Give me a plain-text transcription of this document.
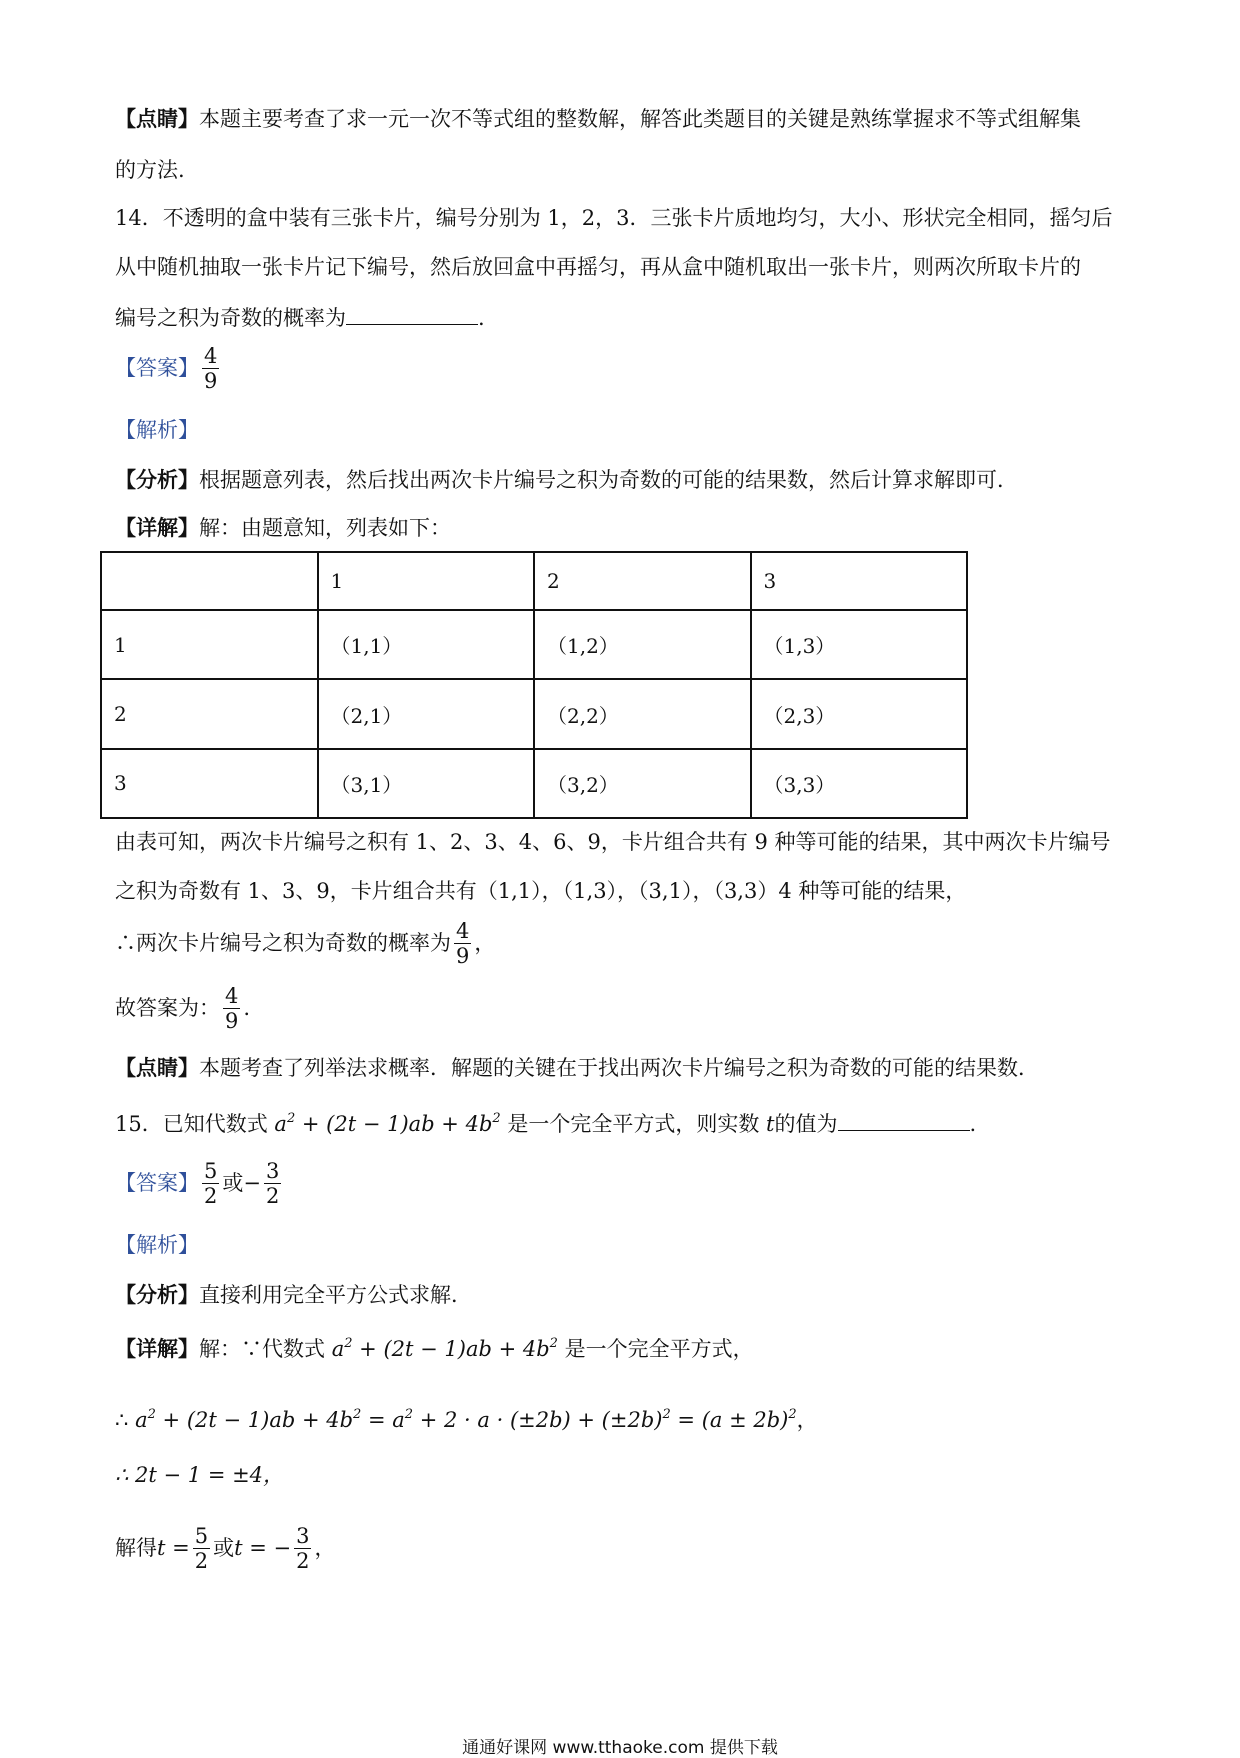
【点睛】本题主要考查了求一元一次不等式组的整数解，解答此类题目的关键是熟练掌握求不等式组解集
的方法.
14．不透明的盒中装有三张卡片，编号分别为 1，2，3．三张卡片质地均匀，大小、形状完全相同，摇匀后
从中随机抽取一张卡片记下编号，然后放回盒中再摇匀，再从盒中随机取出一张卡片，则两次所取卡片的
编号之积为奇数的概率为	.
【答案】 $\frac{4}{9}$
【解析】
【分析】根据题意列表，然后找出两次卡片编号之积为奇数的可能的结果数，然后计算求解即可．
【详解】解：由题意知，列表如下：
	1	2	3
1	（1,1）	（1,2）	（1,3）
2	（2,1）	（2,2）	（2,3）
3	（3,1）	（3,2）	（3,3）
由表可知，两次卡片编号之积有 1、2、3、4、6、9，卡片组合共有 9 种等可能的结果，其中两次卡片编号
之积为奇数有 1、3、9，卡片组合共有（1,1），（1,3），（3,1），（3,3）4 种等可能的结果，
∴两次卡片编号之积为奇数的概率为 $\frac{4}{9}$ ，
故答案为： $\frac{4}{9}$ .
【点睛】本题考查了列举法求概率．解题的关键在于找出两次卡片编号之积为奇数的可能的结果数．
15．已知代数式 $a^2 + (2t - 1)ab + 4b^2$ 是一个完全平方式，则实数 t的值为	.
【答案】 $\frac{5}{2}$ 或− $\frac{3}{2}$
【解析】
【分析】直接利用完全平方公式求解．
【详解】解：∵代数式 $a^2 + (2t - 1)ab + 4b^2$ 是一个完全平方式，
∴ $a^2 + (2t - 1)ab + 4b^2 = a^2 + 2 \cdot a \cdot (\pm 2b) + (\pm 2b)^2 = (a \pm 2b)^2$，
∴ 2t − 1 = ±4，
解得$t = \frac{5}{2}$ 或t = − $\frac{3}{2}$ ，
通通好课网 www.tthaoke.com 提供下载
